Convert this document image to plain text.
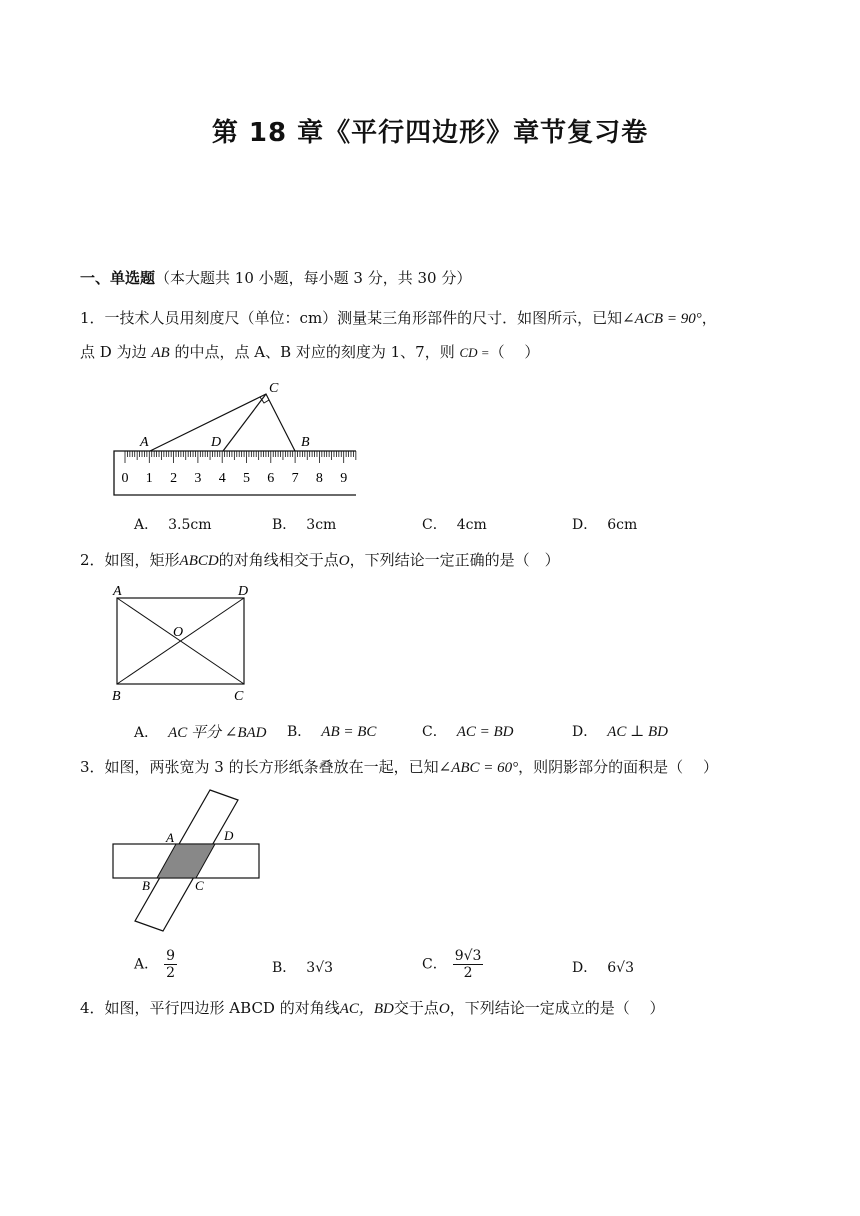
第 18 章《平行四边形》章节复习卷
一、单选题（本大题共 10 小题，每小题 3 分，共 30 分）
1．一技术人员用刻度尺（单位：cm）测量某三角形部件的尺寸．如图所示，已知∠ACB = 90°，
点 D 为边 AB 的中点，点 A、B 对应的刻度为 1、7，则 CD =（　 ）
0 1 2 3 4 5 6 7 8 9
A	D	B
C
A． 3.5cm	B． 3cm	C． 4cm	D． 6cm
2．如图，矩形ABCD的对角线相交于点O，下列结论一定正确的是（　）
A	D
B	C
O
A． AC 平分 ∠BAD B． AB = BC	C． AC = BD	D． AC ⊥ BD
3．如图，两张宽为 3 的长方形纸条叠放在一起，已知∠ABC = 60°，则阴影部分的面积是（　 ）
A	D
B	C
A． $\frac{9}{2}$	B． 3√3	C． $\frac{9√3}{2}$	D． 6√3
4．如图，平行四边形 ABCD 的对角线AC，BD交于点O，下列结论一定成立的是（　 ）
